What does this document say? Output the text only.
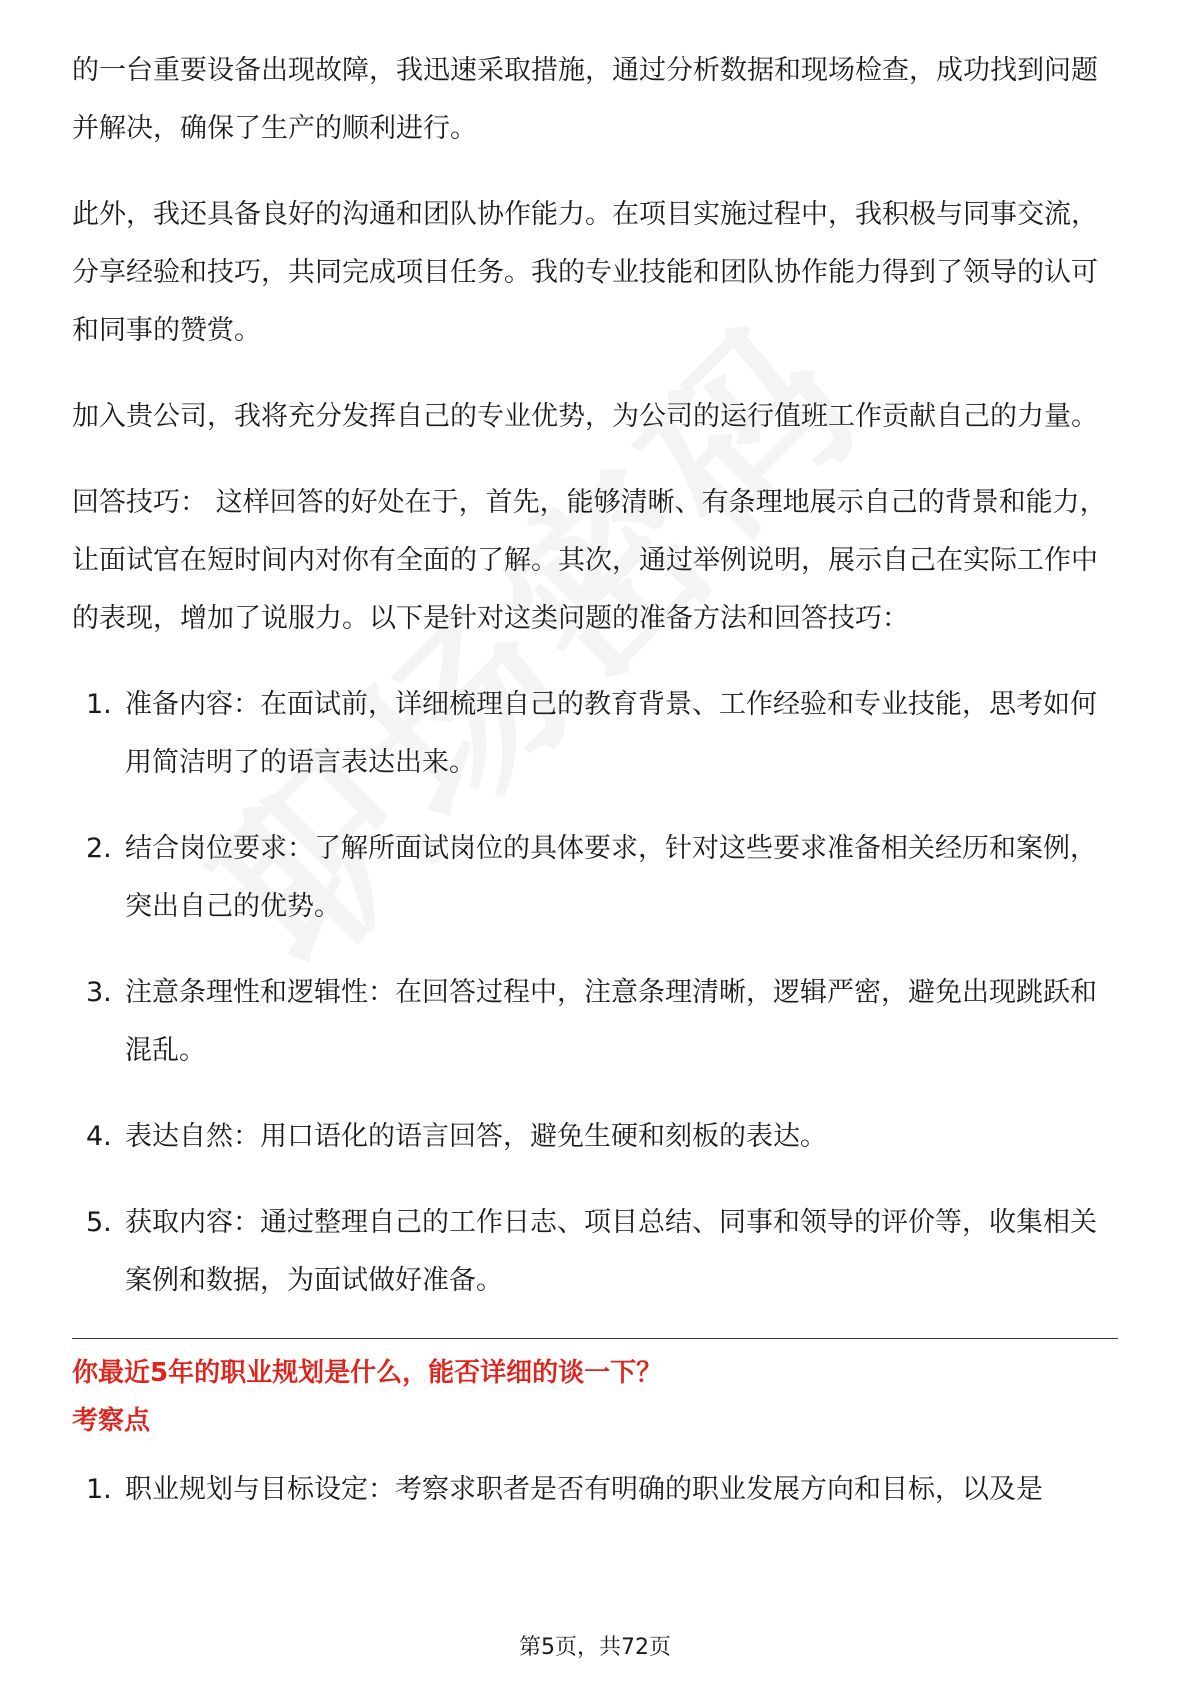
的一台重要设备出现故障，我迅速采取措施，通过分析数据和现场检查，成功找到问题并解决，确保了生产的顺利进行。

此外，我还具备良好的沟通和团队协作能力。在项目实施过程中，我积极与同事交流，分享经验和技巧，共同完成项目任务。我的专业技能和团队协作能力得到了领导的认可和同事的赞赏。

加入贵公司，我将充分发挥自己的专业优势，为公司的运行值班工作贡献自己的力量。

回答技巧： 这样回答的好处在于，首先，能够清晰、有条理地展示自己的背景和能力，让面试官在短时间内对你有全面的了解。其次，通过举例说明，展示自己在实际工作中的表现，增加了说服力。以下是针对这类问题的准备方法和回答技巧：

1. 准备内容：在面试前，详细梳理自己的教育背景、工作经验和专业技能，思考如何用简洁明了的语言表达出来。
2. 结合岗位要求：了解所面试岗位的具体要求，针对这些要求准备相关经历和案例，突出自己的优势。
3. 注意条理性和逻辑性：在回答过程中，注意条理清晰，逻辑严密，避免出现跳跃和混乱。
4. 表达自然：用口语化的语言回答，避免生硬和刻板的表达。
5. 获取内容：通过整理自己的工作日志、项目总结、同事和领导的评价等，收集相关案例和数据，为面试做好准备。

你最近5年的职业规划是什么，能否详细的谈一下？

考察点

1. 职业规划与目标设定：考察求职者是否有明确的职业发展方向和目标，以及是
第5页，共72页
